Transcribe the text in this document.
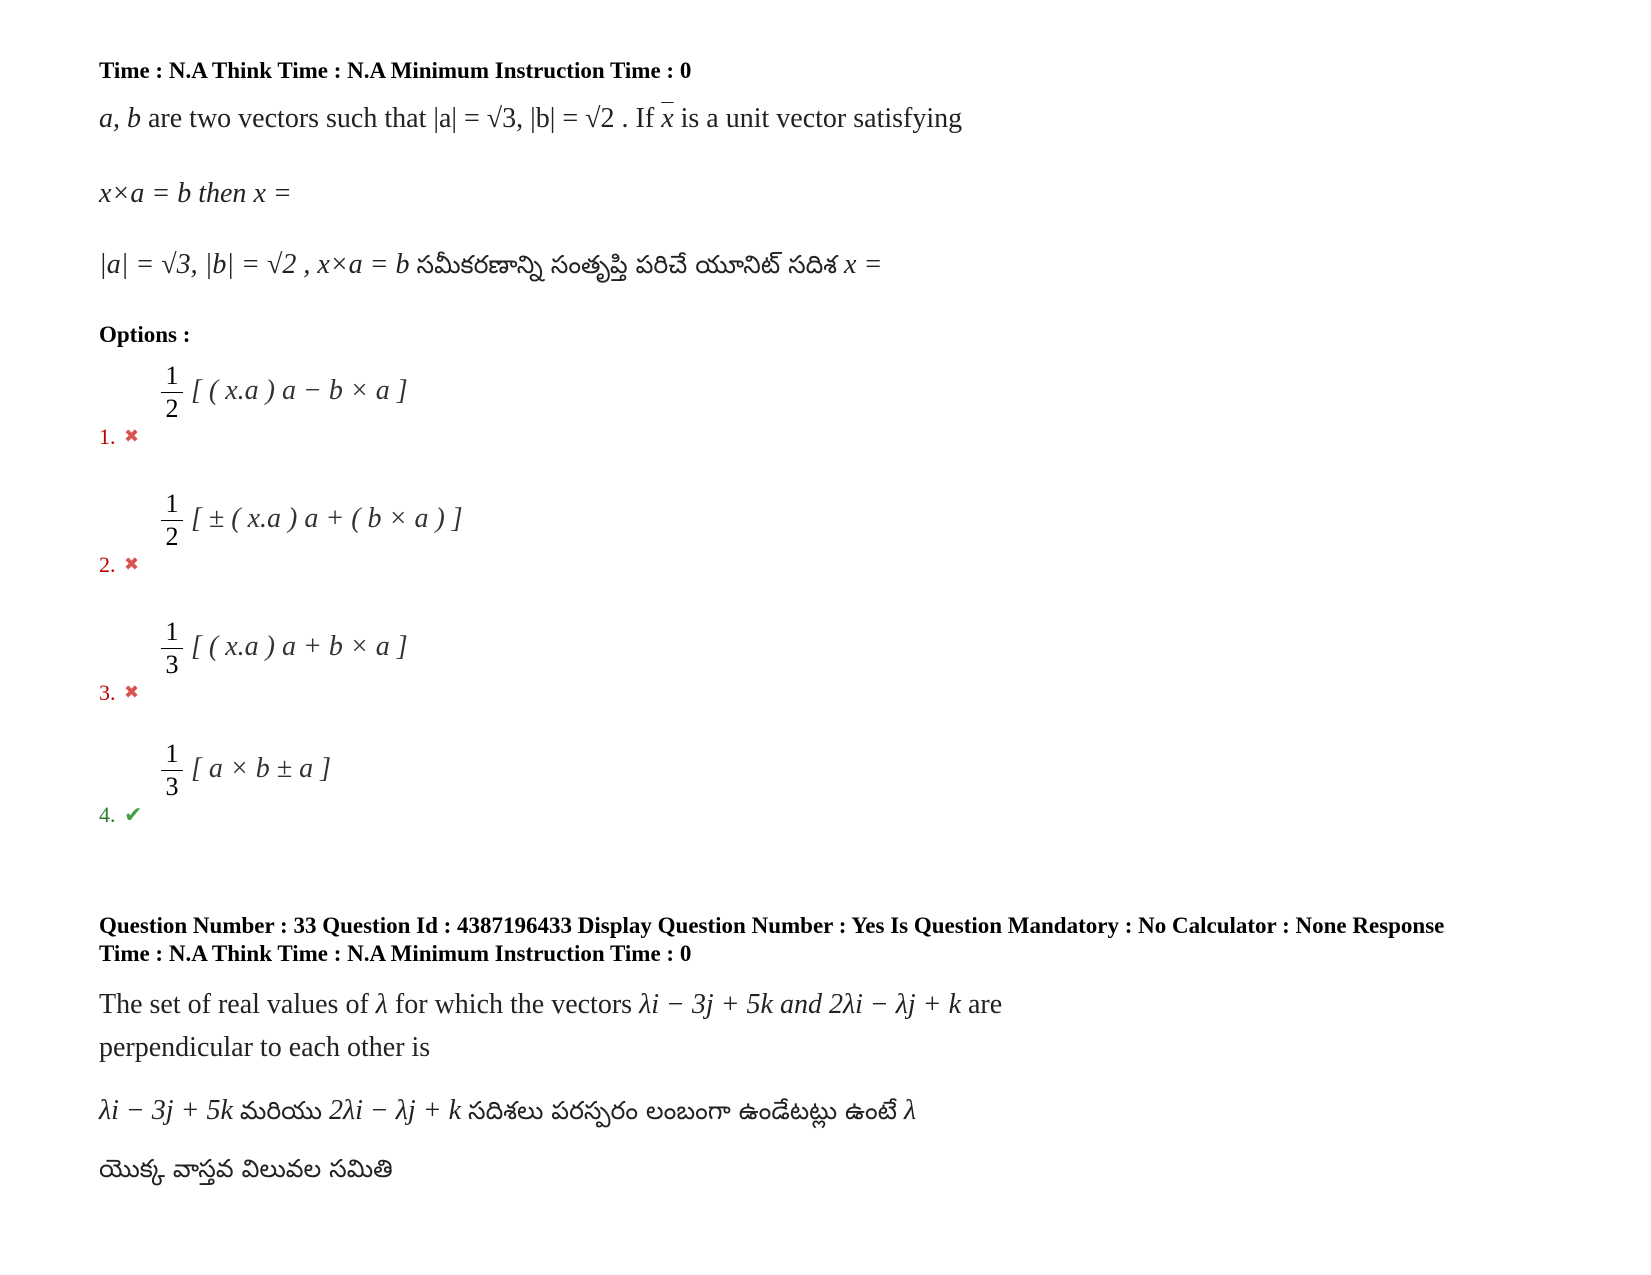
Time : N.A Think Time : N.A Minimum Instruction Time : 0
a, b are two vectors such that |a| = √3, |b| = √2 . If $\overline{x}$ is a unit vector satisfying
x×a = b then x =
|a| = √3, |b| = √2 , x×a = b సమీకరణాన్ని సంతృప్తి పరిచే యూనిట్ సదిశ x =
Options :
$\frac{1}{2}$ [ ( x.a ) a − b × a ]
1. ✖
$\frac{1}{2}$ [ ± ( x.a ) a + ( b × a ) ]
2. ✖
$\frac{1}{3}$ [ ( x.a ) a + b × a ]
3. ✖
$\frac{1}{3}$ [ a × b ± a ]
4. ✔
Question Number : 33 Question Id : 4387196433 Display Question Number : Yes Is Question Mandatory : No Calculator : None Response
Time : N.A Think Time : N.A Minimum Instruction Time : 0
The set of real values of λ for which the vectors λi − 3j + 5k and 2λi − λj + k are
perpendicular to each other is
λi − 3j + 5k మరియు 2λi − λj + k సదిశలు పరస్పరం లంబంగా ఉండేటట్లు ఉంటే λ
యొక్క వాస్తవ విలువల సమితి
